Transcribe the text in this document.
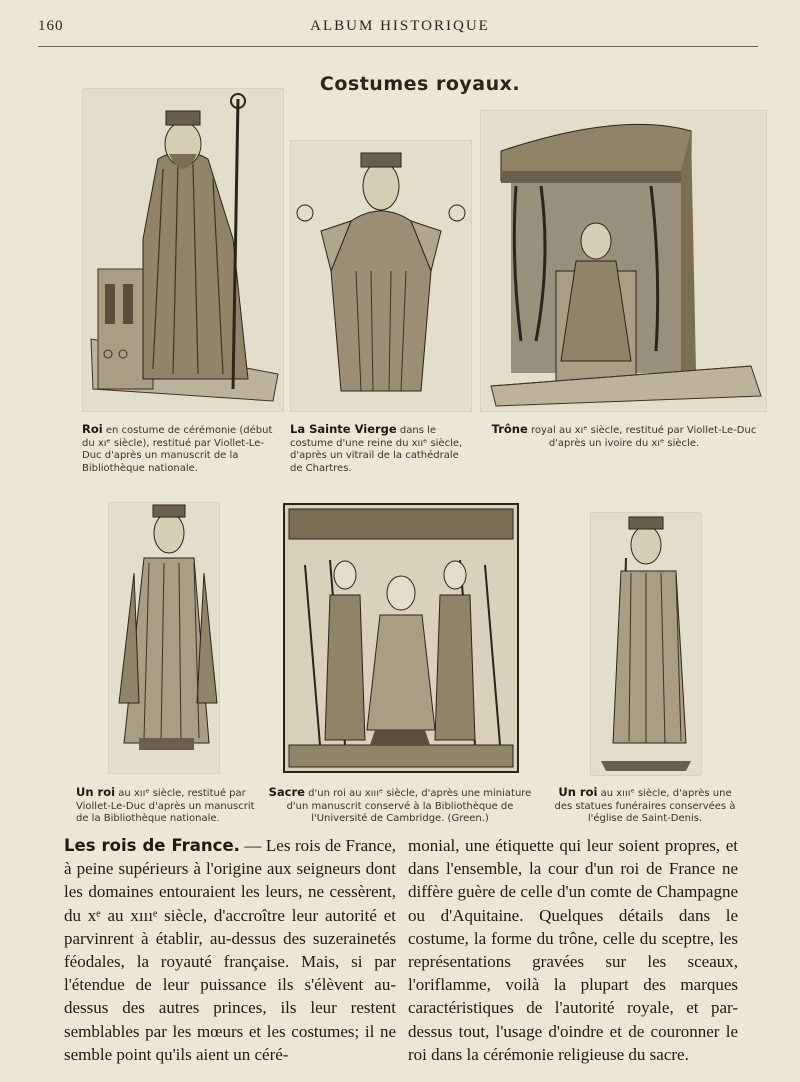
160	ALBUM HISTORIQUE
Costumes royaux.
Roi en costume de cérémonie (début du xıᵉ siècle), restitué par Viollet-Le-Duc d'après un manuscrit de la Bibliothèque nationale.
La Sainte Vierge dans le costume d'une reine du xııᵉ siècle, d'après un vitrail de la cathédrale de Chartres.
Trône royal au xıᵉ siècle, restitué par Viollet-Le-Duc d'après un ivoire du xıᵉ siècle.
Un roi au xııᵉ siècle, restitué par Viollet-Le-Duc d'après un manuscrit de la Bibliothèque nationale.
Sacre d'un roi au xıııᵉ siècle, d'après une miniature d'un manuscrit conservé à la Bibliothèque de l'Université de Cambridge. (Green.)
Un roi au xıııᵉ siècle, d'après une des statues funéraires conservées à l'église de Saint-Denis.
Les rois de France. — Les rois de France, à peine supérieurs à l'origine aux seigneurs dont les domaines entouraient les leurs, ne cessèrent, du xᵉ au xıııᵉ siècle, d'accroître leur autorité et parvinrent à établir, au-dessus des suzerainetés féodales, la royauté française. Mais, si par l'étendue de leur puissance ils s'élèvent au-dessus des autres princes, ils leur restent semblables par les mœurs et les costumes; il ne semble point qu'ils aient un céré-
monial, une étiquette qui leur soient propres, et dans l'ensemble, la cour d'un roi de France ne diffère guère de celle d'un comte de Champagne ou d'Aquitaine. Quelques détails dans le costume, la forme du trône, celle du sceptre, les représentations gravées sur les sceaux, l'oriflamme, voilà la plupart des marques caractéristiques de l'autorité royale, et par-dessus tout, l'usage d'oindre et de couronner le roi dans la cérémonie religieuse du sacre.
